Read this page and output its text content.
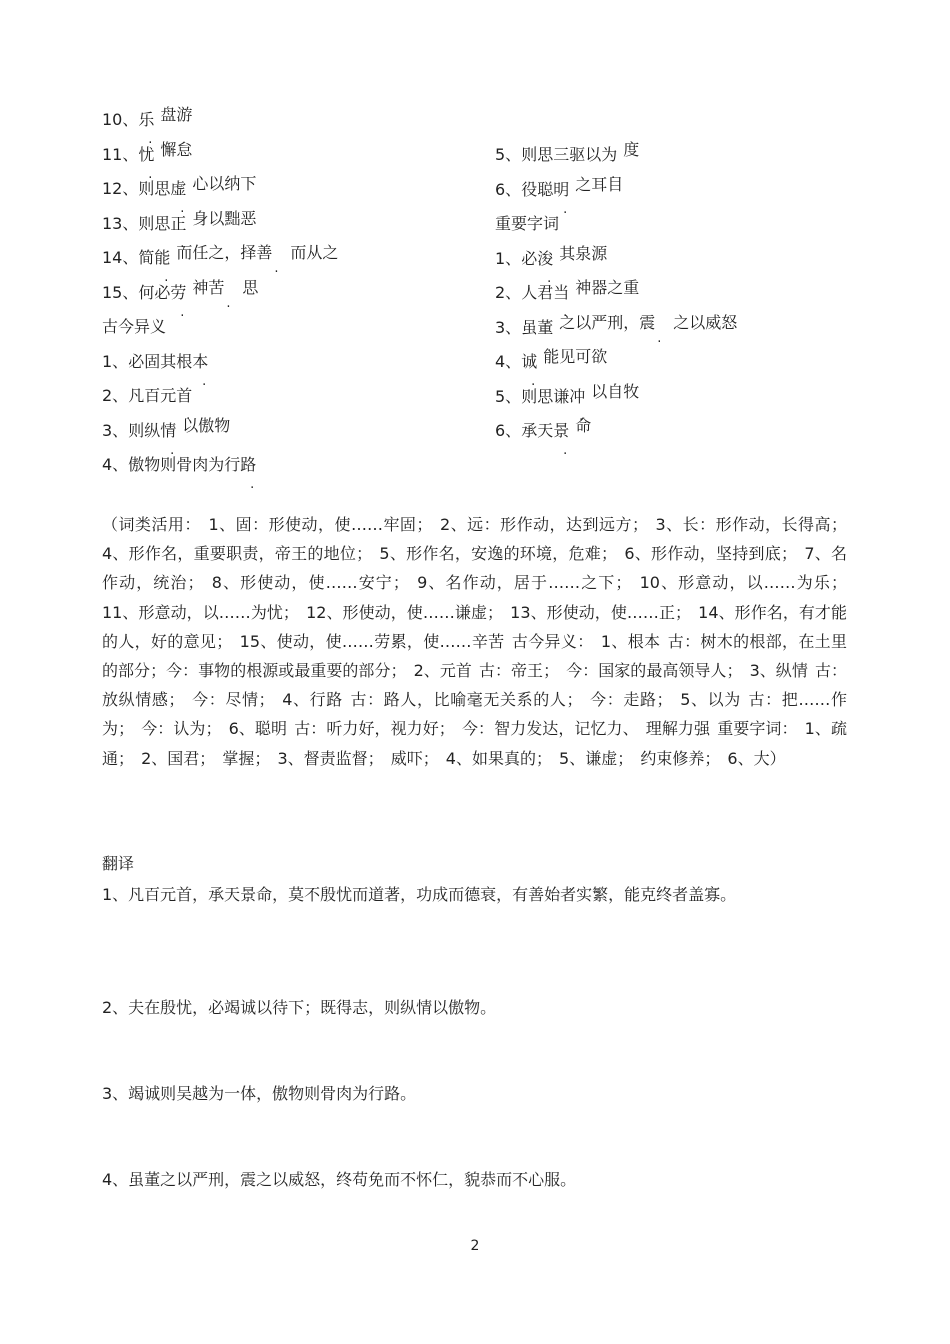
10、乐 盘游
11、忧 懈怠
12、则思虚 心以纳下
13、则思正 身以黜恶
14、简能 而任之，择善 而从之
15、何必劳 神苦 思
古今异义
1、必固其根本 .
2、凡百元首
3、则纵情 以傲物
4、傲物则骨肉为行路 .
5、则思三驱以为 . 度
6、役聪明 之耳目
重要字词
1、必浚 其泉源
2、人君当 神器之重
3、虽董 之以严刑，震 之以威怒
4、诚 能见可欲
5、则思谦冲 以自牧
6、承天景 命
（词类活用： 1、固：形使动，使……牢固； 2、远：形作动，达到远方； 3、长：形作动，长得高； 4、形作名，重要职责，帝王的地位； 5、形作名，安逸的环境，危难； 6、形作动，坚持到底； 7、名作动，统治； 8、形使动，使……安宁； 9、名作动，居于……之下； 10、形意动，以……为乐； 11、形意动，以……为忧； 12、形使动，使……谦虚； 13、形使动，使……正； 14、形作名，有才能的人，好的意见； 15、使动，使……劳累，使……辛苦 古今异义： 1、根本 古：树木的根部，在土里的部分；今：事物的根源或最重要的部分； 2、元首 古：帝王； 今：国家的最高领导人； 3、纵情 古：放纵情感； 今：尽情； 4、行路 古：路人，比喻毫无关系的人； 今：走路； 5、以为 古：把……作为； 今：认为； 6、聪明 古：听力好，视力好； 今：智力发达，记忆力、 理解力强 重要字词： 1、疏通； 2、国君； 掌握； 3、督责监督； 威吓； 4、如果真的； 5、谦虚； 约束修养； 6、大）
翻译
1、凡百元首，承天景命，莫不殷忧而道著，功成而德衰，有善始者实繁，能克终者盖寡。
2、夫在殷忧，必竭诚以待下；既得志，则纵情以傲物。
3、竭诚则吴越为一体，傲物则骨肉为行路。
4、虽董之以严刑，震之以威怒，终苟免而不怀仁，貌恭而不心服。
2
